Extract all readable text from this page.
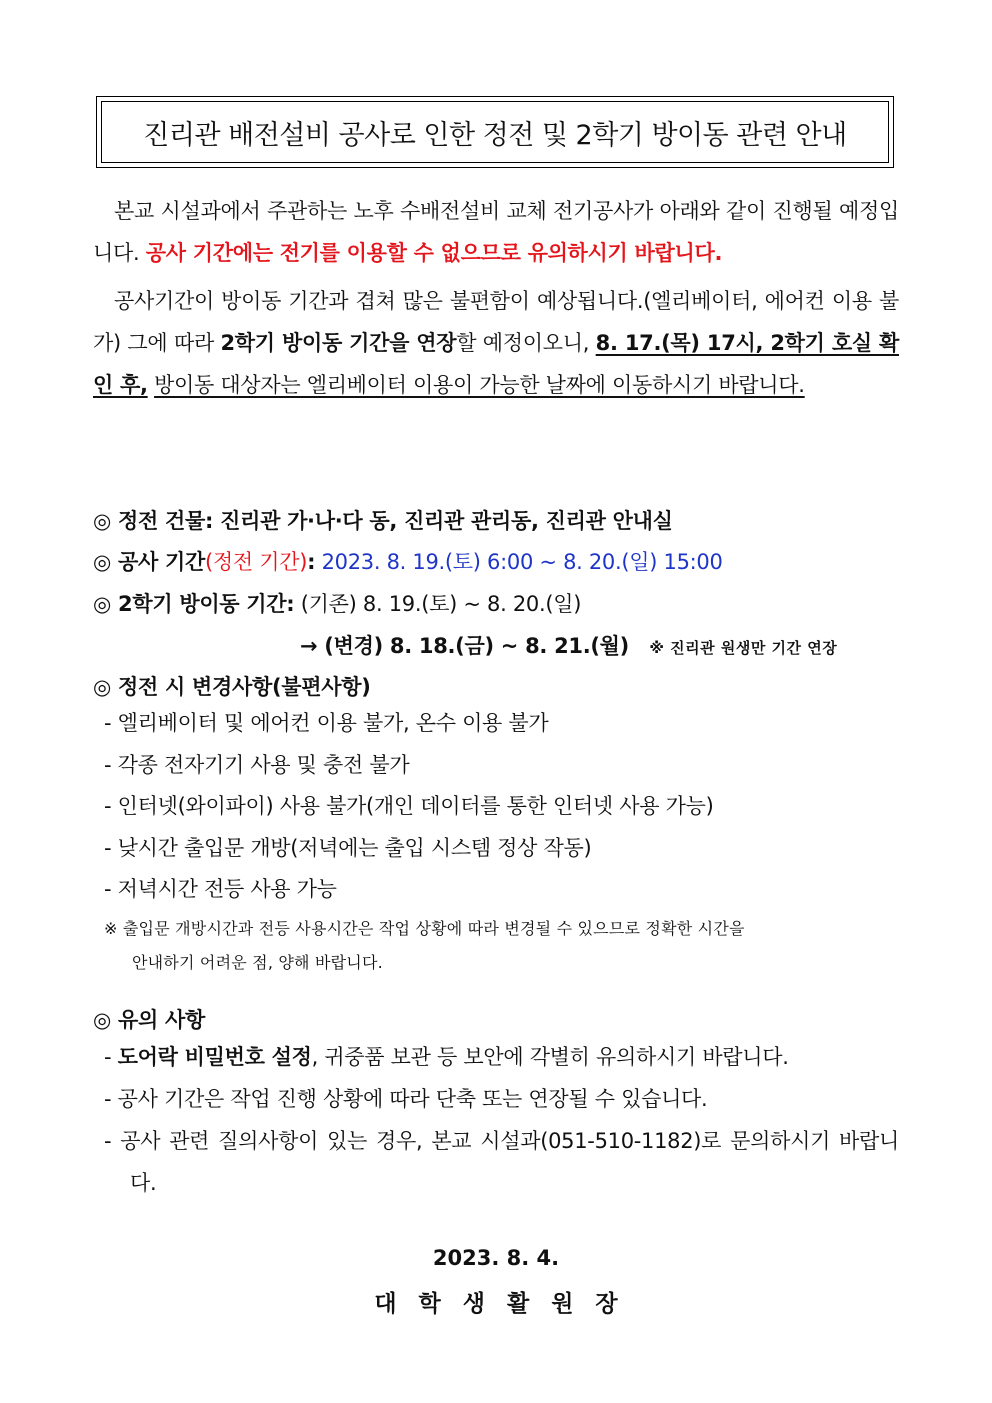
진리관 배전설비 공사로 인한 정전 및 2학기 방이동 관련 안내
본교 시설과에서 주관하는 노후 수배전설비 교체 전기공사가 아래와 같이 진행될 예정입니다. 공사 기간에는 전기를 이용할 수 없으므로 유의하시기 바랍니다.
공사기간이 방이동 기간과 겹쳐 많은 불편함이 예상됩니다.(엘리베이터, 에어컨 이용 불가) 그에 따라 2학기 방이동 기간을 연장할 예정이오니, 8. 17.(목) 17시, 2학기 호실 확인 후, 방이동 대상자는 엘리베이터 이용이 가능한 날짜에 이동하시기 바랍니다.
◎ 정전 건물: 진리관 가·나·다 동, 진리관 관리동, 진리관 안내실
◎ 공사 기간(정전 기간): 2023. 8. 19.(토) 6:00 ~ 8. 20.(일) 15:00
◎ 2학기 방이동 기간: (기존) 8. 19.(토) ~ 8. 20.(일)
→ (변경) 8. 18.(금) ~ 8. 21.(월) ※ 진리관 원생만 기간 연장
◎ 정전 시 변경사항(불편사항)
- 엘리베이터 및 에어컨 이용 불가, 온수 이용 불가
- 각종 전자기기 사용 및 충전 불가
- 인터넷(와이파이) 사용 불가(개인 데이터를 통한 인터넷 사용 가능)
- 낮시간 출입문 개방(저녁에는 출입 시스템 정상 작동)
- 저녁시간 전등 사용 가능
※ 출입문 개방시간과 전등 사용시간은 작업 상황에 따라 변경될 수 있으므로 정확한 시간을
안내하기 어려운 점, 양해 바랍니다.
◎ 유의 사항
- 도어락 비밀번호 설정, 귀중품 보관 등 보안에 각별히 유의하시기 바랍니다.
- 공사 기간은 작업 진행 상황에 따라 단축 또는 연장될 수 있습니다.
- 공사 관련 질의사항이 있는 경우, 본교 시설과(051-510-1182)로 문의하시기 바랍니다.
2023. 8. 4.
대학생활원장
